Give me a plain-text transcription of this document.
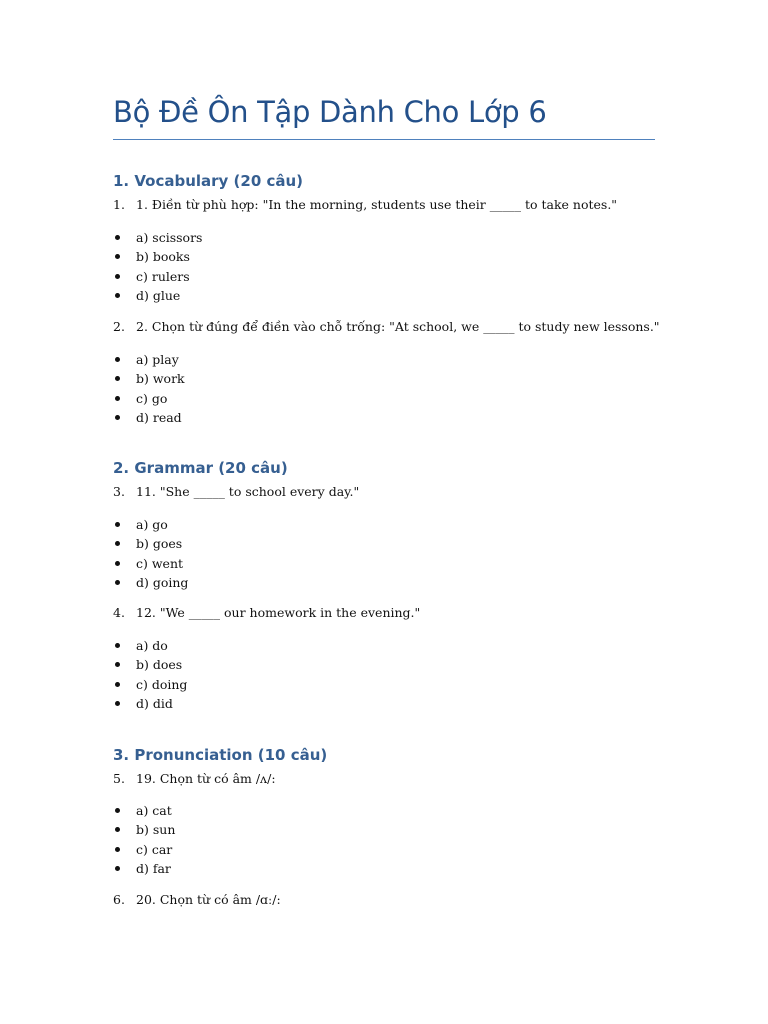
Bộ Đề Ôn Tập Dành Cho Lớp 6
1. Vocabulary (20 câu)
1. 1. Điền từ phù hợp: "In the morning, students use their _____ to take notes."
a) scissors
b) books
c) rulers
d) glue
2. 2. Chọn từ đúng để điền vào chỗ trống: "At school, we _____ to study new lessons."
a) play
b) work
c) go
d) read
2. Grammar (20 câu)
3. 11. "She _____ to school every day."
a) go
b) goes
c) went
d) going
4. 12. "We _____ our homework in the evening."
a) do
b) does
c) doing
d) did
3. Pronunciation (10 câu)
5. 19. Chọn từ có âm /ʌ/:
a) cat
b) sun
c) car
d) far
6. 20. Chọn từ có âm /ɑː/:
